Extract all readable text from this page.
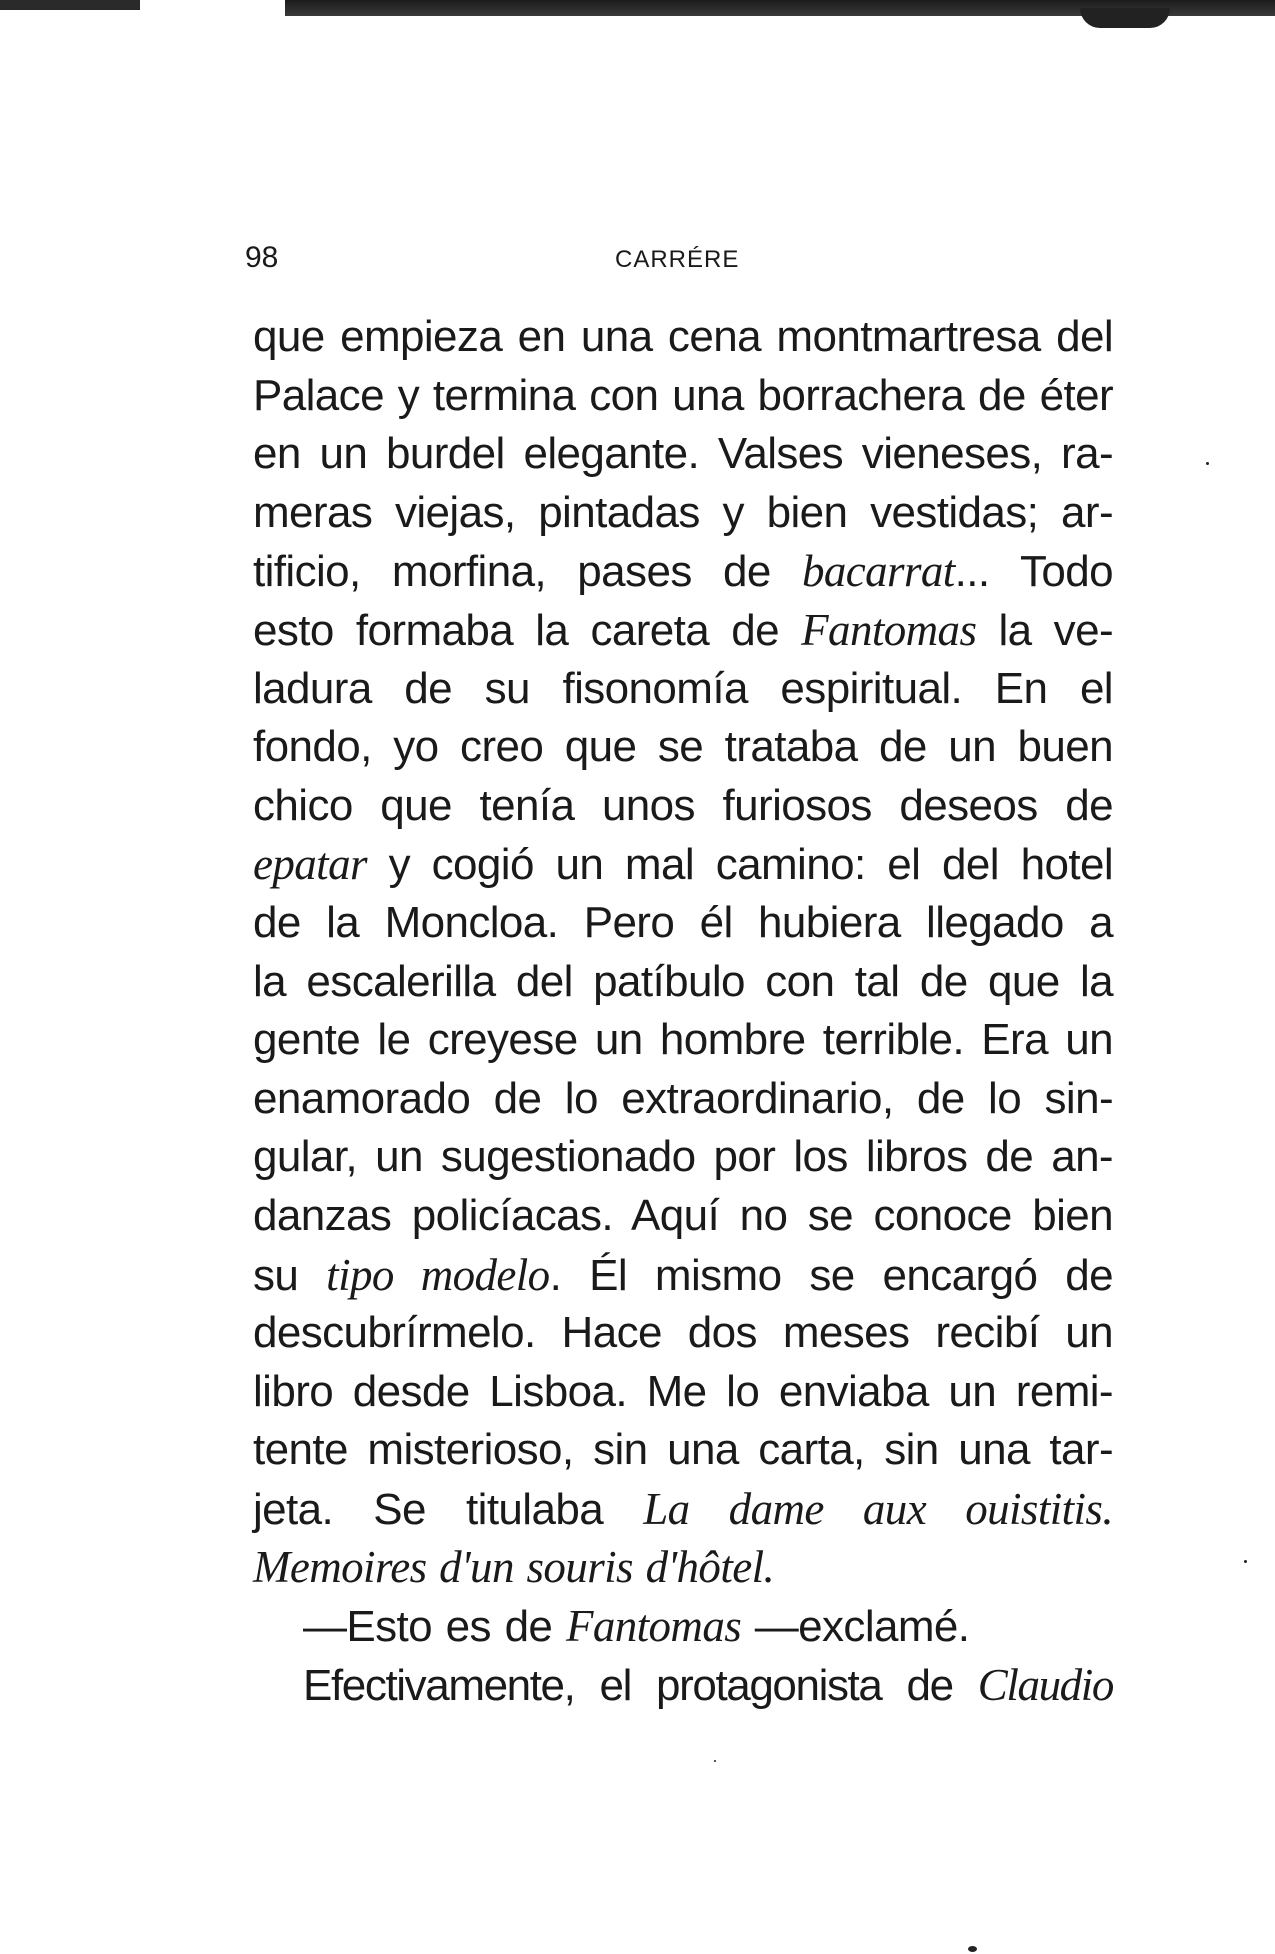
98	CARRÉRE
que empieza en una cena montmartresa del
Palace y termina con una borrachera de éter
en un burdel elegante. Valses vieneses, ra-
meras viejas, pintadas y bien vestidas; ar-
tificio, morfina, pases de bacarrat... Todo
esto formaba la careta de Fantomas la ve-
ladura de su fisonomía espiritual. En el
fondo, yo creo que se trataba de un buen
chico que tenía unos furiosos deseos de
epatar y cogió un mal camino: el del hotel
de la Moncloa. Pero él hubiera llegado a
la escalerilla del patíbulo con tal de que la
gente le creyese un hombre terrible. Era un
enamorado de lo extraordinario, de lo sin-
gular, un sugestionado por los libros de an-
danzas policíacas. Aquí no se conoce bien
su tipo modelo. Él mismo se encargó de
descubrírmelo. Hace dos meses recibí un
libro desde Lisboa. Me lo enviaba un remi-
tente misterioso, sin una carta, sin una tar-
jeta. Se titulaba La dame aux ouistitis.
Memoires d'un souris d'hôtel.
—Esto es de Fantomas —exclamé.
Efectivamente, el protagonista de Claudio
